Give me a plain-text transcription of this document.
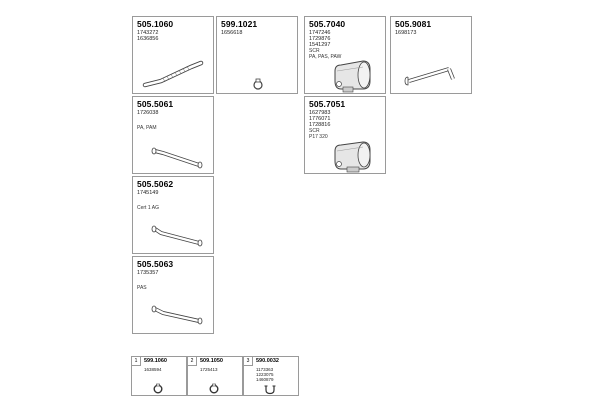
505.1060
1743272
1636856
599.1021
1656618
505.7040
1747246
1729876
1541297
SCR
PA, PAS, PAW
505.9081
1698173
505.5061
1726038
PA, PAM
505.7051
1627983
1776071
1728816
SCR
P17 320
505.5062
1745149
Cert 1 AG
505.5063
1735357
PAS
1	599.1060
1638594
2	509.1050
1725413
3	590.0032
1173363
1223075
1460879
